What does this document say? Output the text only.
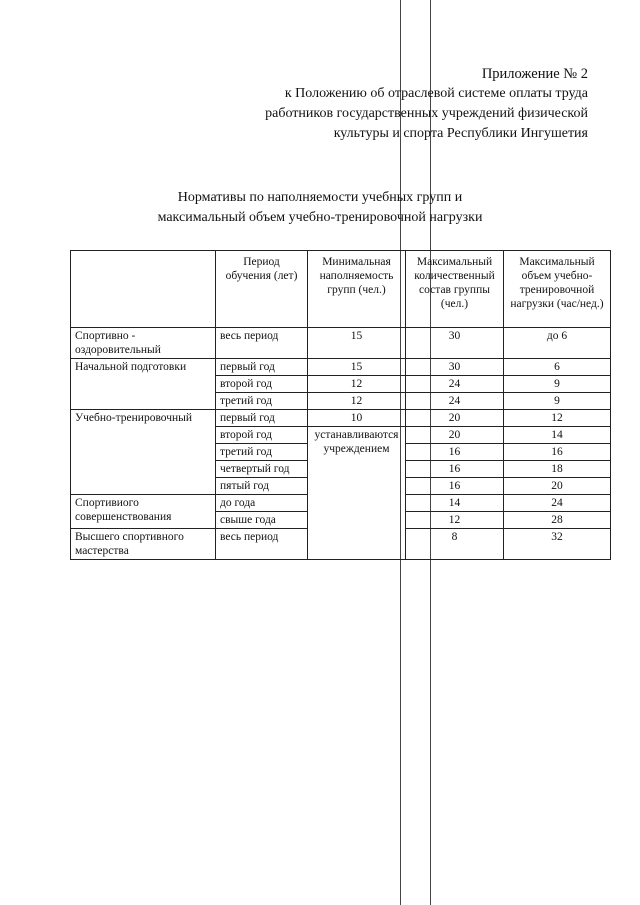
Приложение № 2
к Положению об отраслевой системе оплаты труда
работников государственных учреждений физической
культуры и спорта Республики Ингушетия
Нормативы по наполняемости учебных групп и
максимальный объем учебно-тренировочной нагрузки
	Период обучения (лет)	Минимальная наполняемость групп (чел.)	Максимальный количественный состав группы (чел.)	Максимальный объем учебно-тренировочной нагрузки (час/нед.)
Спортивно - оздоровительный	весь период	15	30	до 6
Начальной подготовки	первый год	15	30	6
	второй год	12	24	9
	третий год	12	24	9
Учебно-тренировочный	первый год	10	20	12
	второй год	устанавливаются учреждением	20	14
	третий год		16	16
	четвертый год		16	18
	пятый год		16	20
Спортивиого совершенствования	до года		14	24
	свыше года		12	28
Высшего спортивного мастерства	весь период		8	32
